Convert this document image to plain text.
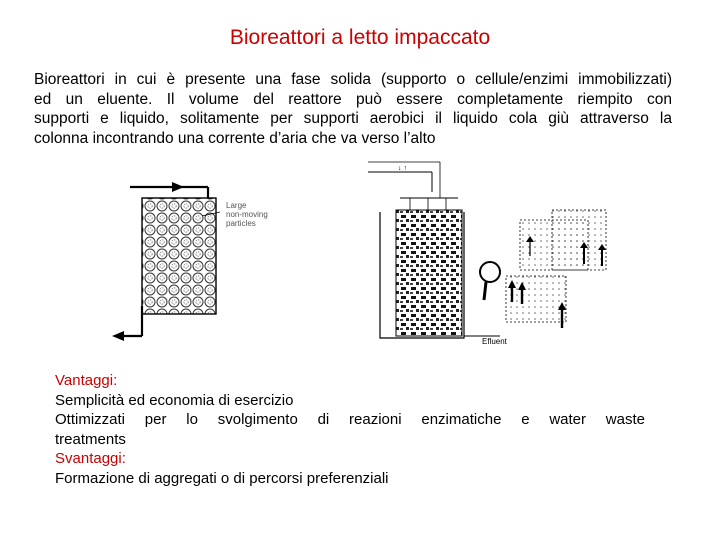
Bioreattori a letto impaccato
Bioreattori in cui è presente una fase solida (supporto o cellule/enzimi immobilizzati)
ed un eluente. Il volume del reattore può essere completamente riempito con
supporti e liquido, solitamente per supporti aerobici il liquido cola giù attraverso la
colonna incontrando una corrente d’aria che va verso l’alto
Large
non-moving
particles
↓ ↑
Efluent
Vantaggi:
Semplicità ed economia di esercizio
Ottimizzati per lo svolgimento di reazioni enzimatiche e water waste
treatments
Svantaggi:
Formazione di aggregati o di percorsi preferenziali
